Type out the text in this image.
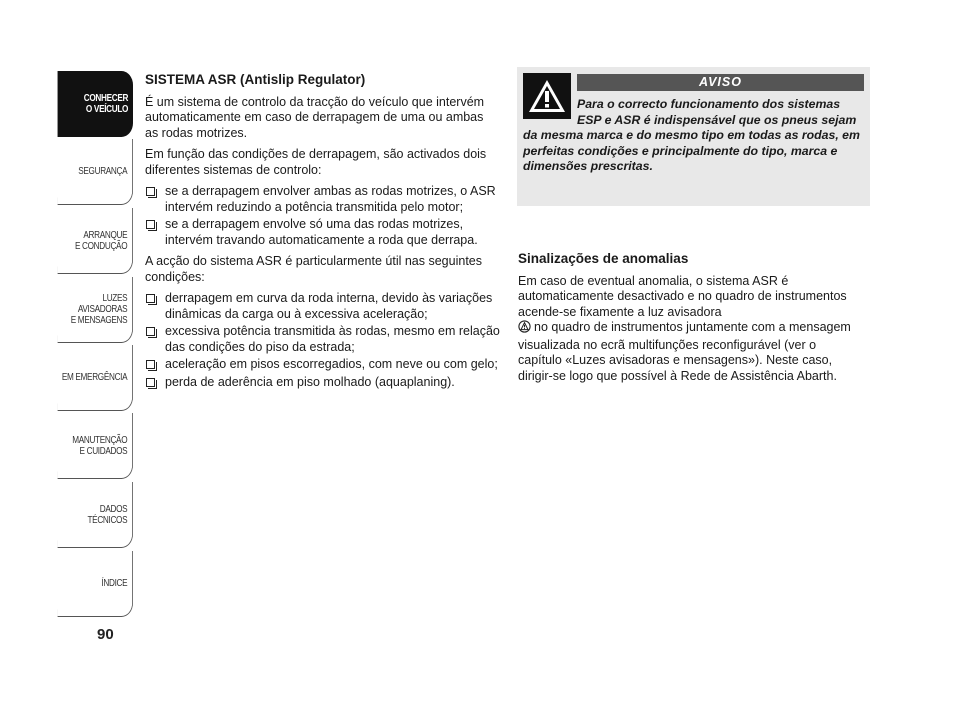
CONHECER
O VEÍCULO
SEGURANÇA
ARRANQUE
E CONDUÇÃO
LUZES
AVISADORAS
E MENSAGENS
EM EMERGÊNCIA
MANUTENÇÃO
E CUIDADOS
DADOS
TÉCNICOS
ÍNDICE
90

SISTEMA ASR (Antislip Regulator)

É um sistema de controlo da tracção do veículo que intervém automaticamente em caso de derrapagem de uma ou ambas as rodas motrizes.

Em função das condições de derrapagem, são activados dois diferentes sistemas de controlo:

se a derrapagem envolver ambas as rodas motrizes, o ASR intervém reduzindo a potência transmitida pelo motor;
se a derrapagem envolve só uma das rodas motrizes, intervém travando automaticamente a roda que derrapa.

A acção do sistema ASR é particularmente útil nas seguintes condições:

derrapagem em curva da roda interna, devido às variações dinâmicas da carga ou à excessiva aceleração;
excessiva potência transmitida às rodas, mesmo em relação das condições do piso da estrada;
aceleração em pisos escorregadios, com neve ou com gelo;
perda de aderência em piso molhado (aquaplaning).
AVISO
Para o correcto funcionamento dos sistemas ESP e ASR é indispensável que os pneus sejam da mesma marca e do mesmo tipo em todas as rodas, em perfeitas condições e principalmente do tipo, marca e dimensões prescritas.

Sinalizações de anomalias

Em caso de eventual anomalia, o sistema ASR é automaticamente desactivado e no quadro de instrumentos acende-se fixamente a luz avisadora
no quadro de instrumentos juntamente com a mensagem visualizada no ecrã multifunções reconfigurável (ver o capítulo «Luzes avisadoras e mensagens»). Neste caso, dirigir-se logo que possível à Rede de Assistência Abarth.
